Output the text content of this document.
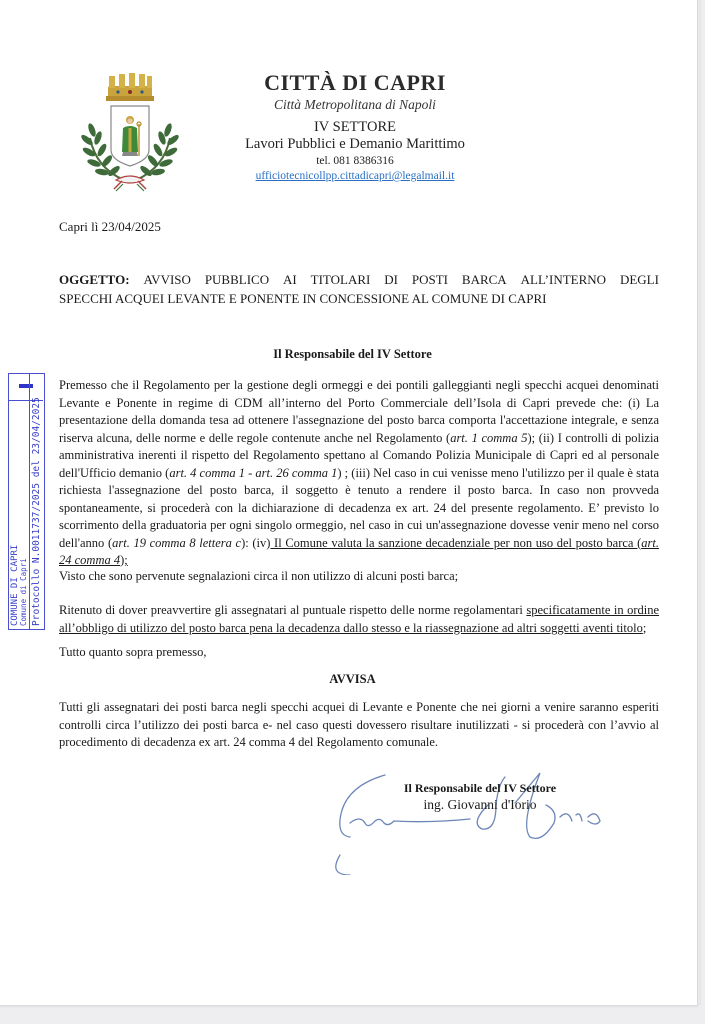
CITTÀ DI CAPRI
Città Metropolitana di Napoli
IV SETTORE
Lavori Pubblici e Demanio Marittimo
tel. 081 8386316
ufficiotecnicollpp.cittadicapri@legalmail.it
Capri lì 23/04/2025
OGGETTO: AVVISO PUBBLICO AI TITOLARI DI POSTI BARCA ALL’INTERNO DEGLI
SPECCHI ACQUEI LEVANTE E PONENTE IN CONCESSIONE AL COMUNE DI CAPRI
Il Responsabile del IV Settore
COMUNE DI CAPRI Comune di Capri Protocollo N.0011737/2025 del 23/04/2025
Premesso che il Regolamento per la gestione degli ormeggi e dei pontili galleggianti negli specchi acquei denominati Levante e Ponente in regime di CDM all’interno del Porto Commerciale dell’Isola di Capri prevede che: (i) La presentazione della domanda tesa ad ottenere l'assegnazione del posto barca comporta l'accettazione integrale, e senza riserva alcuna, delle norme e delle regole contenute anche nel Regolamento (art. 1 comma 5); (ii) I controlli di polizia amministrativa inerenti il rispetto del Regolamento spettano al Comando Polizia Municipale di Capri ed al personale dell'Ufficio demanio (art. 4 comma 1 - art. 26 comma 1) ; (iii) Nel caso in cui venisse meno l'utilizzo per il quale è stata richiesta l'assegnazione del posto barca, il soggetto è tenuto a rendere il posto barca. In caso non provveda spontaneamente, si procederà con la dichiarazione di decadenza ex art. 24 del presente regolamento. E’ previsto lo scorrimento della graduatoria per ogni singolo ormeggio, nel caso in cui un'assegnazione dovesse venir meno nel corso dell'anno (art. 19 comma 8 lettera c): (iv) Il Comune valuta la sanzione decadenziale per non uso del posto barca (art. 24 comma 4);
Visto che sono pervenute segnalazioni circa il non utilizzo di alcuni posti barca;
Ritenuto di dover preavvertire gli assegnatari al puntuale rispetto delle norme regolamentari specificatamente in ordine all’obbligo di utilizzo del posto barca pena la decadenza dallo stesso e la riassegnazione ad altri soggetti aventi titolo;
Tutto quanto sopra premesso,
AVVISA
Tutti gli assegnatari dei posti barca negli specchi acquei di Levante e Ponente che nei giorni a venire saranno esperiti controlli circa l’utilizzo dei posti barca e- nel caso questi dovessero risultare inutilizzati - si procederà con l’avvio al procedimento di decadenza ex art. 24 comma 4 del Regolamento comunale.
Il Responsabile del IV Settore
ing. Giovanni d'Iorio
